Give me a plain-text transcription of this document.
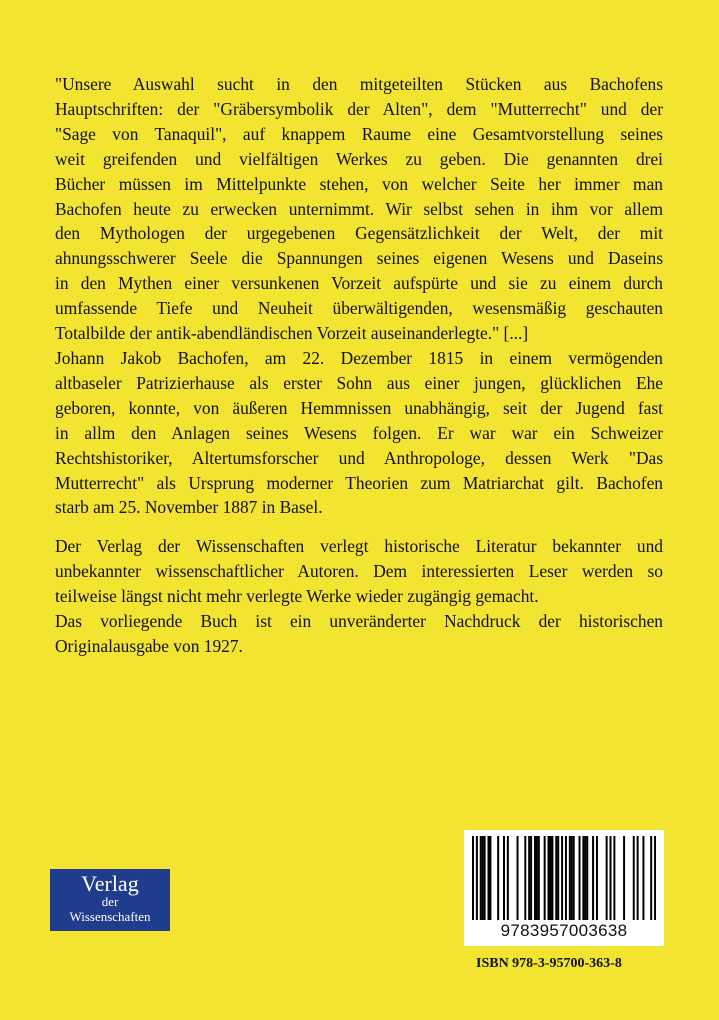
"Unsere Auswahl sucht in den mitgeteilten Stücken aus Bachofens

Hauptschriften: der "Gräbersymbolik der Alten", dem "Mutterrecht" und der

"Sage von Tanaquil", auf knappem Raume eine Gesamtvorstellung seines

weit greifenden und vielfältigen Werkes zu geben. Die genannten drei

Bücher müssen im Mittelpunkte stehen, von welcher Seite her immer man

Bachofen heute zu erwecken unternimmt. Wir selbst sehen in ihm vor allem

den Mythologen der urgegebenen Gegensätzlichkeit der Welt, der mit

ahnungsschwerer Seele die Spannungen seines eigenen Wesens und Daseins

in den Mythen einer versunkenen Vorzeit aufspürte und sie zu einem durch

umfassende Tiefe und Neuheit überwältigenden, wesensmäßig geschauten

Totalbilde der antik-abendländischen Vorzeit auseinanderlegte." [...]

Johann Jakob Bachofen, am 22. Dezember 1815 in einem vermögenden

altbaseler Patrizierhause als erster Sohn aus einer jungen, glücklichen Ehe

geboren, konnte, von äußeren Hemmnissen unabhängig, seit der Jugend fast

in allm den Anlagen seines Wesens folgen. Er war war ein Schweizer

Rechtshistoriker, Altertumsforscher und Anthropologe, dessen Werk "Das

Mutterrecht" als Ursprung moderner Theorien zum Matriarchat gilt. Bachofen

starb am 25. November 1887 in Basel.

Der Verlag der Wissenschaften verlegt historische Literatur bekannter und

unbekannter wissenschaftlicher Autoren. Dem interessierten Leser werden so

teilweise längst nicht mehr verlegte Werke wieder zugängig gemacht.

Das vorliegende Buch ist ein unveränderter Nachdruck der historischen

Originalausgabe von 1927.

Verlag
der
Wissenschaften
9783957003638
ISBN 978-3-95700-363-8
